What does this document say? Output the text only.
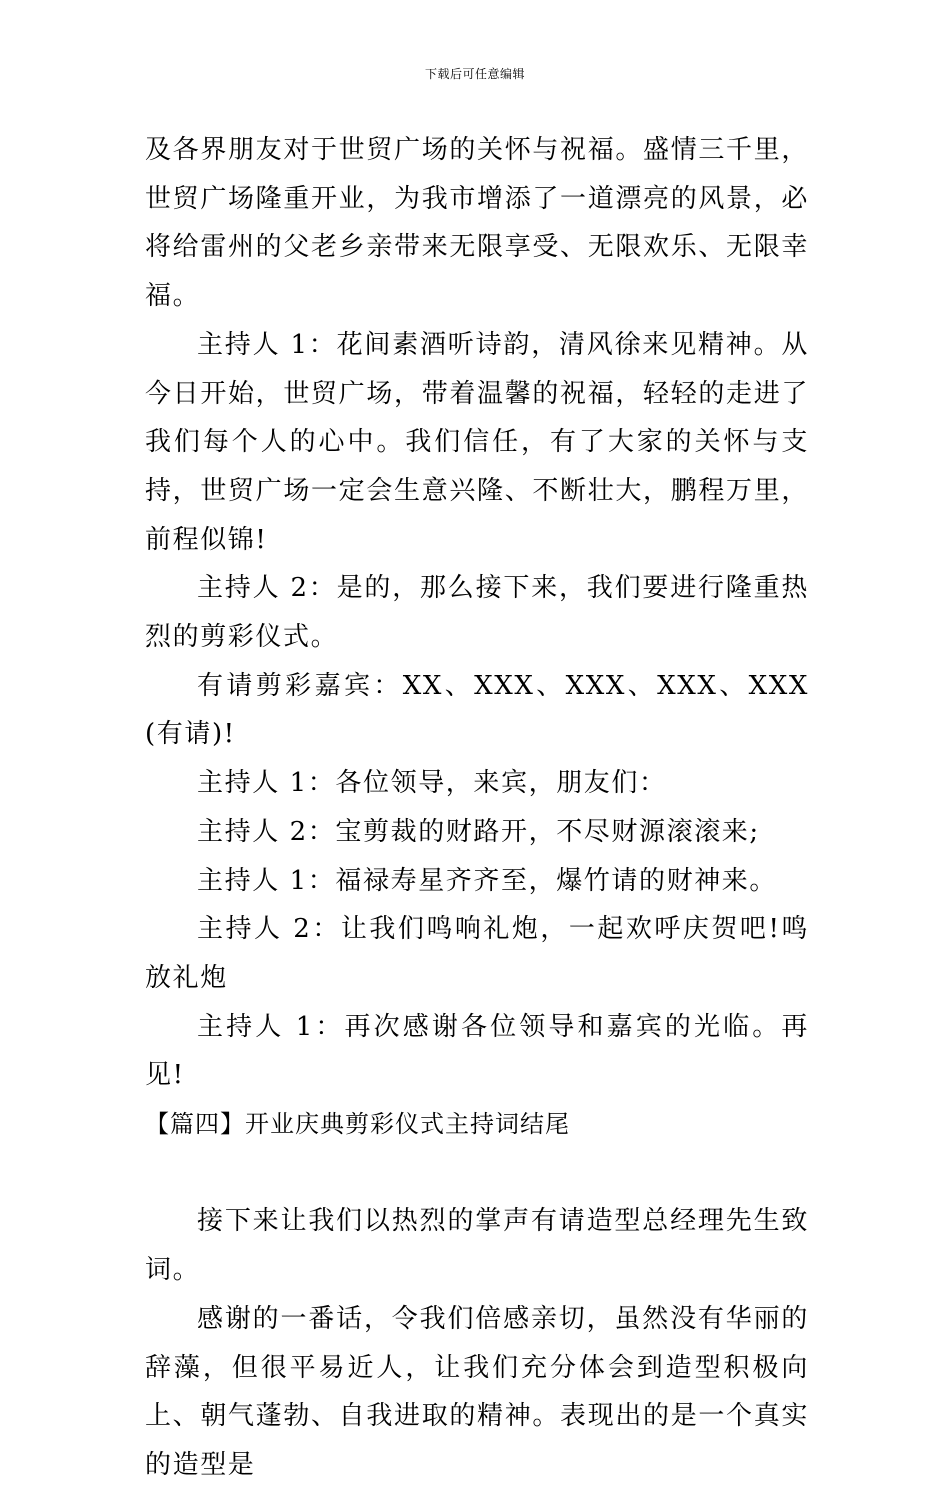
下载后可任意编辑

及各界朋友对于世贸广场的关怀与祝福。盛情三千里，世贸广场隆重开业，为我市增添了一道漂亮的风景，必将给雷州的父老乡亲带来无限享受、无限欢乐、无限幸福。

主持人 1：花间素酒听诗韵，清风徐来见精神。从今日开始，世贸广场，带着温馨的祝福，轻轻的走进了我们每个人的心中。我们信任，有了大家的关怀与支持，世贸广场一定会生意兴隆、不断壮大，鹏程万里，前程似锦!

主持人 2：是的，那么接下来，我们要进行隆重热烈的剪彩仪式。

有请剪彩嘉宾：XX、XXX、XXX、XXX、XXX(有请)!

主持人 1：各位领导，来宾，朋友们：

主持人 2：宝剪裁的财路开，不尽财源滚滚来;

主持人 1：福禄寿星齐齐至，爆竹请的财神来。

主持人 2：让我们鸣响礼炮，一起欢呼庆贺吧!鸣放礼炮

主持人 1：再次感谢各位领导和嘉宾的光临。再见!

【篇四】开业庆典剪彩仪式主持词结尾

接下来让我们以热烈的掌声有请造型总经理先生致词。

感谢的一番话，令我们倍感亲切，虽然没有华丽的辞藻，但很平易近人，让我们充分体会到造型积极向上、朝气蓬勃、自我进取的精神。表现出的是一个真实的造型是
